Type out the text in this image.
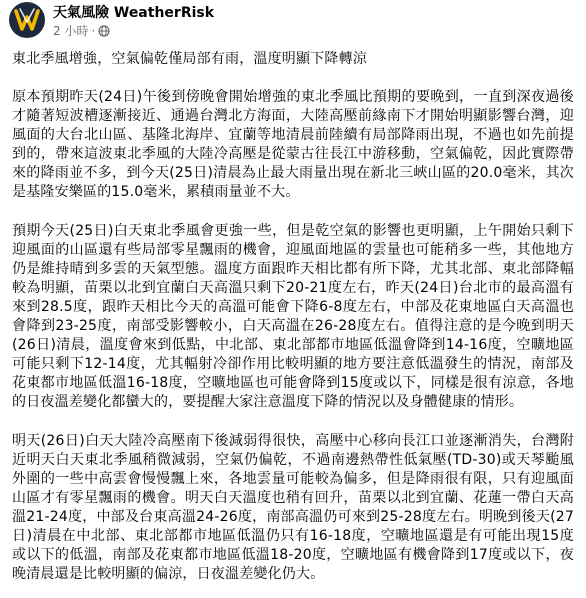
天氣風險 WeatherRisk
2 小時 ·

東北季風增強，空氣偏乾僅局部有雨，溫度明顯下降轉涼

原本預期昨天(24日)午後到傍晚會開始增強的東北季風比預期的要晚到，一直到深夜過後才隨著短波槽逐漸接近、通過台灣北方海面，大陸高壓前緣南下才開始明顯影響台灣，迎風面的大台北山區、基隆北海岸、宜蘭等地清晨前陸續有局部降雨出現，不過也如先前提到的，帶來這波東北季風的大陸冷高壓是從蒙古往長江中游移動，空氣偏乾，因此實際帶來的降雨並不多，到今天(25日)清晨為止最大雨量出現在新北三峽山區的20.0毫米，其次是基隆安樂區的15.0毫米，累積雨量並不大。

預期今天(25日)白天東北季風會更強一些，但是乾空氣的影響也更明顯，上午開始只剩下迎風面的山區還有些局部零星飄雨的機會，迎風面地區的雲量也可能稍多一些，其他地方仍是維持晴到多雲的天氣型態。溫度方面跟昨天相比都有所下降，尤其北部、東北部降幅較為明顯，苗栗以北到宜蘭白天高溫只剩下20-21度左右，昨天(24日)台北市的最高溫有來到28.5度，跟昨天相比今天的高溫可能會下降6-8度左右，中部及花東地區白天高溫也會降到23-25度，南部受影響較小，白天高溫在26-28度左右。值得注意的是今晚到明天(26日)清晨，溫度會來到低點，中北部、東北部都市地區低溫會降到14-16度，空曠地區可能只剩下12-14度，尤其輻射冷卻作用比較明顯的地方要注意低溫發生的情況，南部及花東都市地區低溫16-18度，空曠地區也可能會降到15度或以下，同樣是很有涼意，各地的日夜溫差變化都蠻大的，要提醒大家注意溫度下降的情況以及身體健康的情形。

明天(26日)白天大陸冷高壓南下後減弱得很快，高壓中心移向長江口並逐漸消失，台灣附近明天白天東北季風稍微減弱，空氣仍偏乾，不過南邊熱帶性低氣壓(TD-30)或天琴颱風外圍的一些中高雲會慢慢飄上來，各地雲量可能較為偏多，但是降雨很有限，只有迎風面山區才有零星飄雨的機會。明天白天溫度也稍有回升，苗栗以北到宜蘭、花蓮一帶白天高溫21-24度，中部及台東高溫24-26度，南部高溫仍可來到25-28度左右。明晚到後天(27日)清晨在中北部、東北部都市地區低溫仍只有16-18度，空曠地區還是有可能出現15度或以下的低溫，南部及花東都市地區低溫18-20度，空曠地區有機會降到17度或以下，夜晚清晨還是比較明顯的偏涼，日夜溫差變化仍大。
